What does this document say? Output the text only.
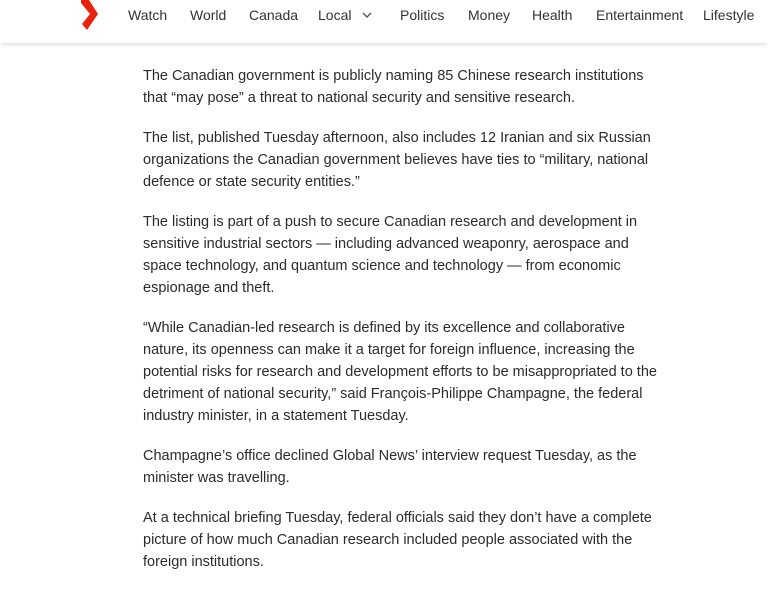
Watch World Canada Local	Politics Money Health Entertainment Lifestyle

The Canadian government is publicly naming 85 Chinese research institutions that “may pose” a threat to national security and sensitive research.

The list, published Tuesday afternoon, also includes 12 Iranian and six Russian organizations the Canadian government believes have ties to “military, national defence or state security entities.”

The listing is part of a push to secure Canadian research and development in sensitive industrial sectors — including advanced weaponry, aerospace and space technology, and quantum science and technology — from economic espionage and theft.

“While Canadian-led research is defined by its excellence and collaborative nature, its openness can make it a target for foreign influence, increasing the potential risks for research and development efforts to be misappropriated to the detriment of national security,” said François-Philippe Champagne, the federal industry minister, in a statement Tuesday.

Champagne’s office declined Global News’ interview request Tuesday, as the minister was travelling.

At a technical briefing Tuesday, federal officials said they don’t have a complete picture of how much Canadian research included people associated with the foreign institutions.
